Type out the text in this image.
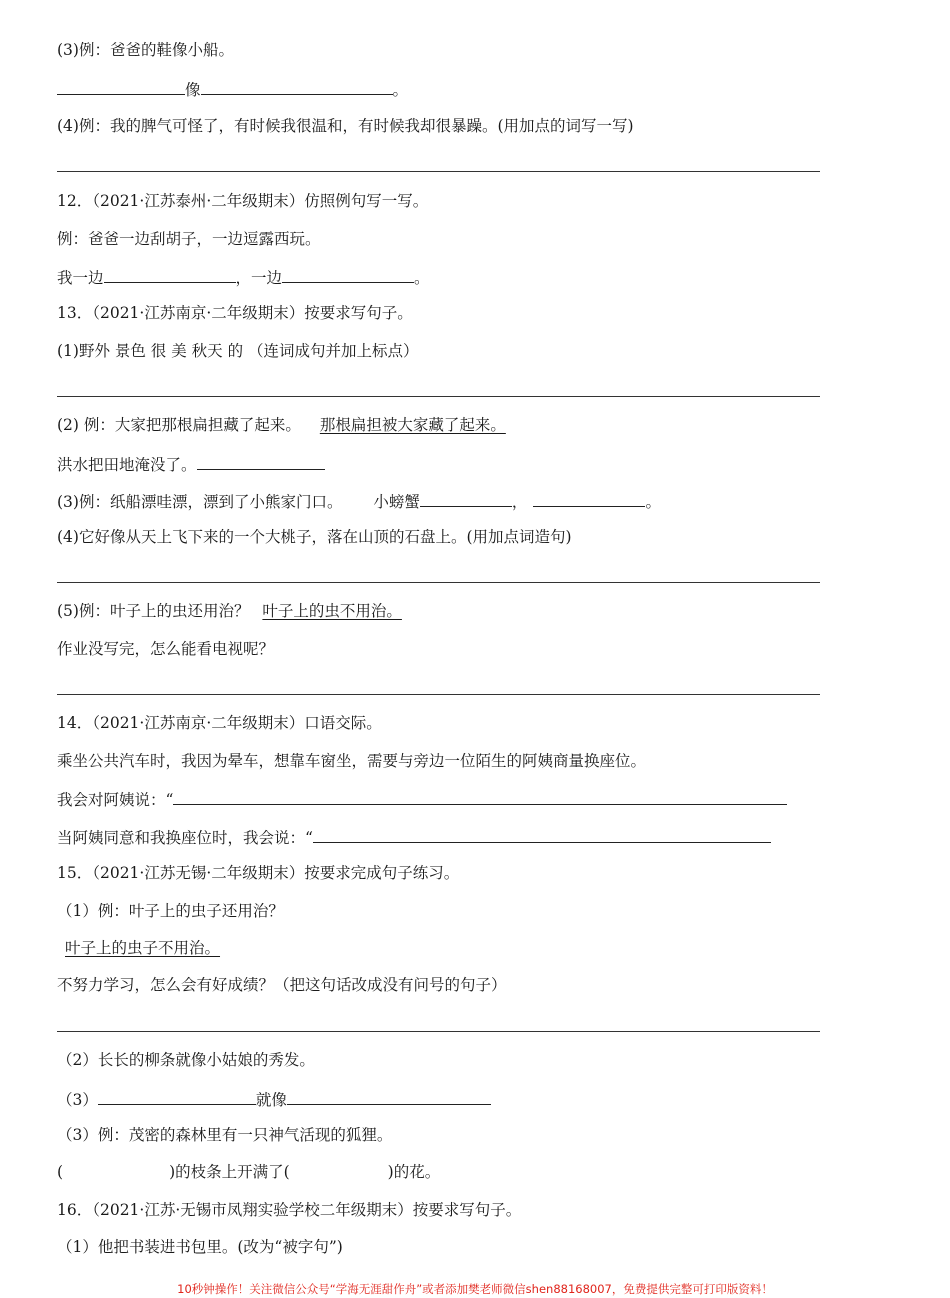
(3)例：爸爸的鞋像小船。
像	。
(4)例：我的脾气可怪了，有时候我很温和，有时候我却很暴躁。(用加点的词写一写)
12．（2021·江苏泰州·二年级期末）仿照例句写一写。
例：爸爸一边刮胡子，一边逗露西玩。
我一边	，一边	。
13．（2021·江苏南京·二年级期末）按要求写句子。
(1)野外 景色 很 美 秋天 的 （连词成句并加上标点）
(2) 例：大家把那根扁担藏了起来。 那根扁担被大家藏了起来。
洪水把田地淹没了。
(3)例：纸船漂哇漂，漂到了小熊家门口。 小螃蟹	，	。
(4)它好像从天上飞下来的一个大桃子，落在山顶的石盘上。(用加点词造句)
(5)例：叶子上的虫还用治？ 叶子上的虫不用治。
作业没写完，怎么能看电视呢？
14．（2021·江苏南京·二年级期末）口语交际。
乘坐公共汽车时，我因为晕车，想靠车窗坐，需要与旁边一位陌生的阿姨商量换座位。
我会对阿姨说：“
当阿姨同意和我换座位时，我会说：“
15．（2021·江苏无锡·二年级期末）按要求完成句子练习。
（1）例：叶子上的虫子还用治？
叶子上的虫子不用治。
不努力学习，怎么会有好成绩？（把这句话改成没有问号的句子）
（2）长长的柳条就像小姑娘的秀发。
（3）	就像
（3）例：茂密的森林里有一只神气活现的狐狸。
(	)的枝条上开满了(	)的花。
16．（2021·江苏·无锡市凤翔实验学校二年级期末）按要求写句子。
（1）他把书装进书包里。(改为“被字句”)
10秒钟操作！关注微信公众号“学海无涯甜作舟”或者添加樊老师微信shen88168007，免费提供完整可打印版资料！
